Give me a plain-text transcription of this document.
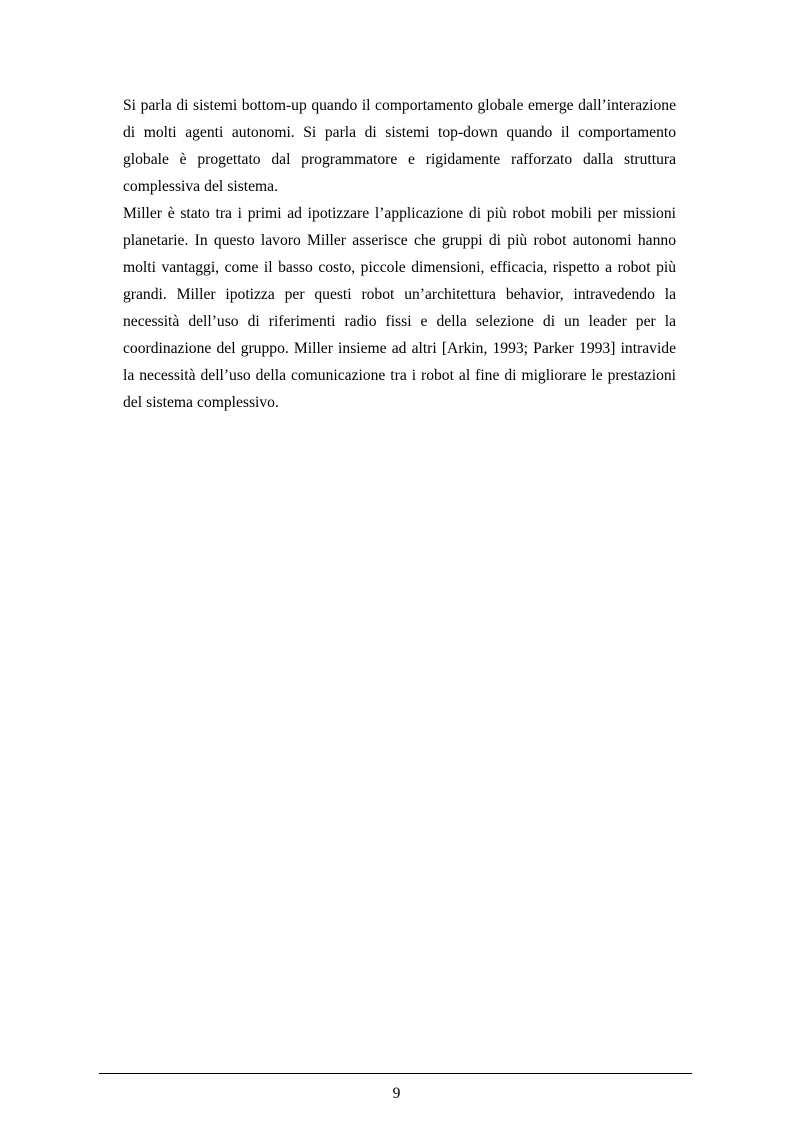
Si parla di sistemi bottom-up quando il comportamento globale emerge dall’interazione di molti agenti autonomi. Si parla di sistemi top-down quando il comportamento globale è progettato dal programmatore e rigidamente rafforzato dalla struttura complessiva del sistema.

Miller è stato tra i primi ad ipotizzare l’applicazione di più robot mobili per missioni planetarie. In questo lavoro Miller asserisce che gruppi di più robot autonomi hanno molti vantaggi, come il basso costo, piccole dimensioni, efficacia, rispetto a robot più grandi. Miller ipotizza per questi robot un’architettura behavior, intravedendo la necessità dell’uso di riferimenti radio fissi e della selezione di un leader per la coordinazione del gruppo. Miller insieme ad altri [Arkin, 1993; Parker 1993] intravide la necessità dell’uso della comunicazione tra i robot al fine di migliorare le prestazioni del sistema complessivo.

9
